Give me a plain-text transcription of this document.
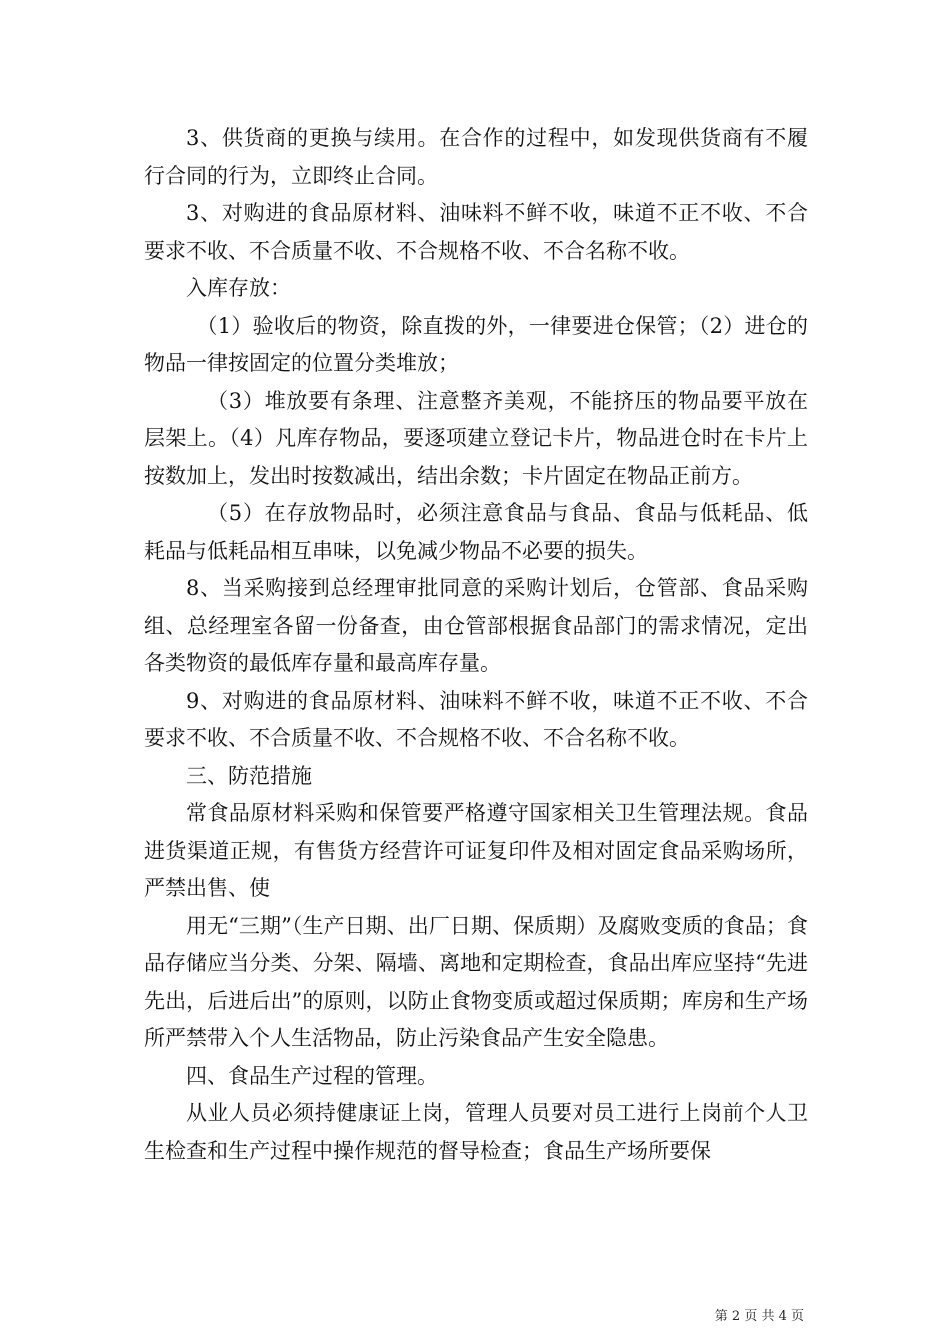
3、供货商的更换与续用。在合作的过程中，如发现供货商有不履行合同的行为，立即终止合同。

3、对购进的食品原材料、油味料不鲜不收，味道不正不收、不合要求不收、不合质量不收、不合规格不收、不合名称不收。

入库存放：

（1）验收后的物资，除直拨的外，一律要进仓保管；（2）进仓的物品一律按固定的位置分类堆放；

（3）堆放要有条理、注意整齐美观，不能挤压的物品要平放在层架上。（4）凡库存物品，要逐项建立登记卡片，物品进仓时在卡片上按数加上，发出时按数减出，结出余数；卡片固定在物品正前方。

（5）在存放物品时，必须注意食品与食品、食品与低耗品、低耗品与低耗品相互串味，以免减少物品不必要的损失。

8、当采购接到总经理审批同意的采购计划后，仓管部、食品采购组、总经理室各留一份备查，由仓管部根据食品部门的需求情况，定出各类物资的最低库存量和最高库存量。

9、对购进的食品原材料、油味料不鲜不收，味道不正不收、不合要求不收、不合质量不收、不合规格不收、不合名称不收。

三、防范措施

常食品原材料采购和保管要严格遵守国家相关卫生管理法规。食品进货渠道正规，有售货方经营许可证复印件及相对固定食品采购场所，严禁出售、使

用无“三期”（生产日期、出厂日期、保质期）及腐败变质的食品；食品存储应当分类、分架、隔墙、离地和定期检查，食品出库应坚持“先进先出，后进后出”的原则，以防止食物变质或超过保质期；库房和生产场所严禁带入个人生活物品，防止污染食品产生安全隐患。

四、食品生产过程的管理。

从业人员必须持健康证上岗，管理人员要对员工进行上岗前个人卫生检查和生产过程中操作规范的督导检查；食品生产场所要保

第 2 页 共 4 页
